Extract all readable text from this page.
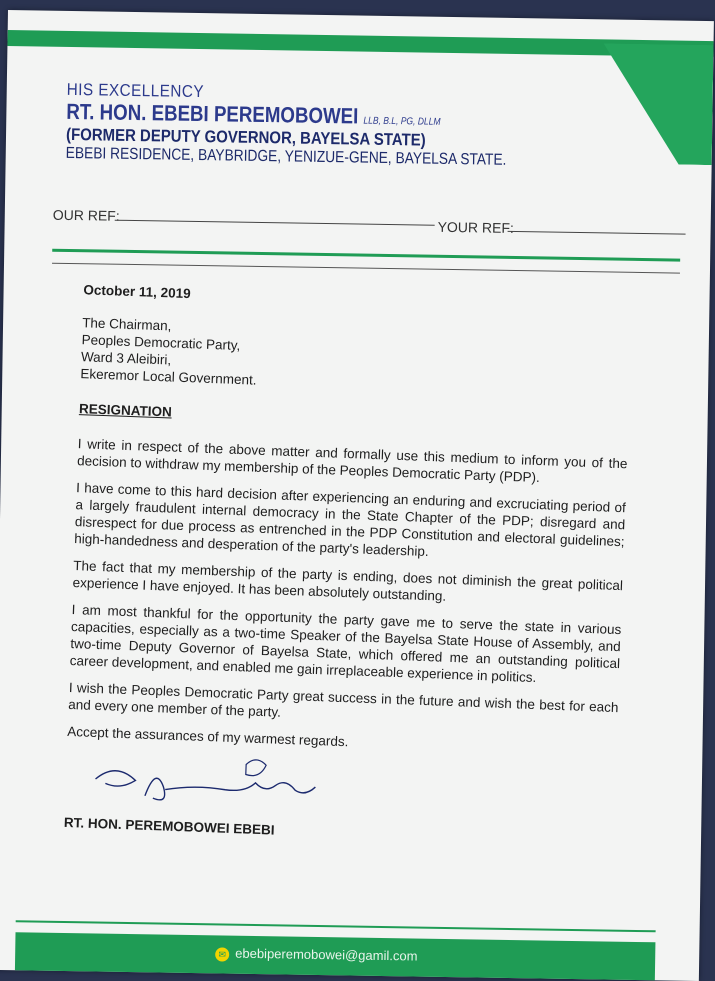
HIS EXCELLENCY
RT. HON. EBEBI PEREMOBOWEI LLB, B.L, PG, DLLM
(FORMER DEPUTY GOVERNOR, BAYELSA STATE)
EBEBI RESIDENCE, BAYBRIDGE, YENIZUE-GENE, BAYELSA STATE.
OUR REF:
YOUR REF:
October 11, 2019
The Chairman,
Peoples Democratic Party,
Ward 3 Aleibiri,
Ekeremor Local Government.
RESIGNATION

I write in respect of the above matter and formally use this medium to inform you of the decision to withdraw my membership of the Peoples Democratic Party (PDP).

I have come to this hard decision after experiencing an enduring and excruciating period of a largely fraudulent internal democracy in the State Chapter of the PDP; disregard and disrespect for due process as entrenched in the PDP Constitution and electoral guidelines; high-handedness and desperation of the party's leadership.

The fact that my membership of the party is ending, does not diminish the great political experience I have enjoyed. It has been absolutely outstanding.

I am most thankful for the opportunity the party gave me to serve the state in various capacities, especially as a two-time Speaker of the Bayelsa State House of Assembly, and two-time Deputy Governor of Bayelsa State, which offered me an outstanding political career development, and enabled me gain irreplaceable experience in politics.

I wish the Peoples Democratic Party great success in the future and wish the best for each and every one member of the party.

Accept the assurances of my warmest regards.
RT. HON. PEREMOBOWEI EBEBI
✉ ebebiperemobowei@gamil.com
